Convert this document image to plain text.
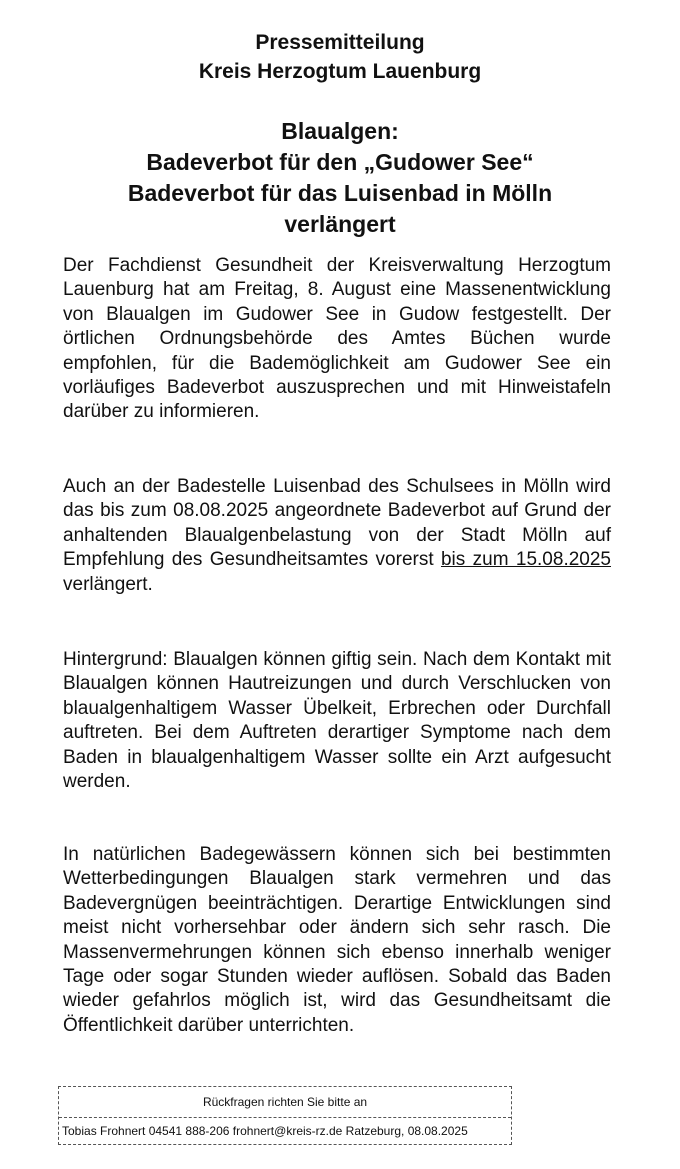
Pressemitteilung
Kreis Herzogtum Lauenburg
Blaualgen:
Badeverbot für den „Gudower See“
Badeverbot für das Luisenbad in Mölln
verlängert
Der Fachdienst Gesundheit der Kreisverwaltung Herzogtum Lauenburg hat am Freitag, 8. August eine Massenentwicklung von Blaualgen im Gudower See in Gudow festgestellt. Der örtlichen Ordnungsbehörde des Amtes Büchen wurde empfohlen, für die Bademöglichkeit am Gudower See ein vorläufiges Badeverbot auszusprechen und mit Hinweistafeln darüber zu informieren.
Auch an der Badestelle Luisenbad des Schulsees in Mölln wird das bis zum 08.08.2025 angeordnete Badeverbot auf Grund der anhaltenden Blaualgenbelastung von der Stadt Mölln auf Empfehlung des Gesundheitsamtes vorerst bis zum 15.08.2025 verlängert.
Hintergrund: Blaualgen können giftig sein. Nach dem Kontakt mit Blaualgen können Hautreizungen und durch Verschlucken von blaualgenhaltigem Wasser Übelkeit, Erbrechen oder Durchfall auftreten. Bei dem Auftreten derartiger Symptome nach dem Baden in blaualgenhaltigem Wasser sollte ein Arzt aufgesucht werden.
In natürlichen Badegewässern können sich bei bestimmten Wetterbedingungen Blaualgen stark vermehren und das Badevergnügen beeinträchtigen. Derartige Entwicklungen sind meist nicht vorhersehbar oder ändern sich sehr rasch. Die Massenvermehrungen können sich ebenso innerhalb weniger Tage oder sogar Stunden wieder auflösen. Sobald das Baden wieder gefahrlos möglich ist, wird das Gesundheitsamt die Öffentlichkeit darüber unterrichten.
Rückfragen richten Sie bitte an
Tobias Frohnert 04541 888-206 frohnert@kreis-rz.de Ratzeburg, 08.08.2025
